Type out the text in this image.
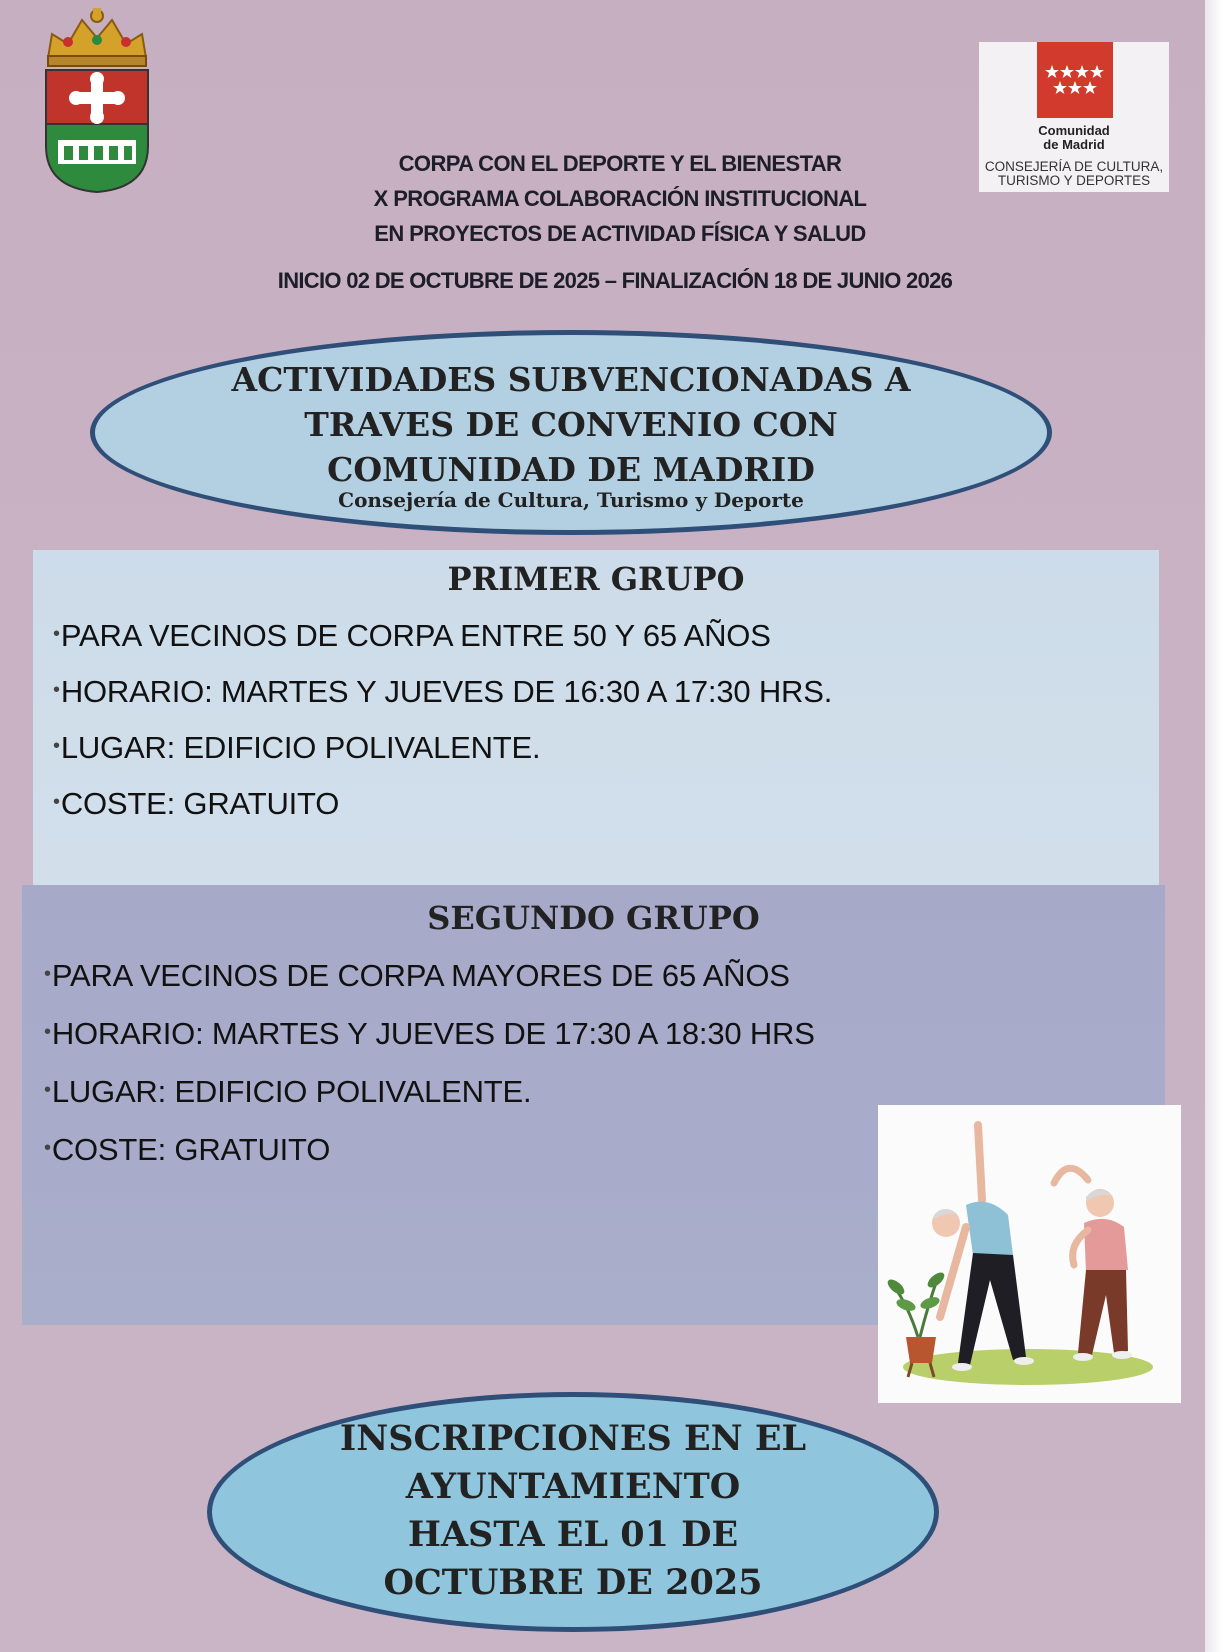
Comunidad
de Madrid
CONSEJERÍA DE CULTURA,
TURISMO Y DEPORTES
CORPA CON EL DEPORTE Y EL BIENESTAR
X PROGRAMA COLABORACIÓN INSTITUCIONAL
EN PROYECTOS DE ACTIVIDAD FÍSICA Y SALUD
INICIO 02 DE OCTUBRE DE 2025 – FINALIZACIÓN 18 DE JUNIO 2026
ACTIVIDADES SUBVENCIONADAS A
TRAVES DE CONVENIO CON
COMUNIDAD DE MADRID
Consejería de Cultura, Turismo y Deporte
PRIMER GRUPO
•PARA VECINOS DE CORPA ENTRE 50 Y 65 AÑOS
•HORARIO: MARTES Y JUEVES DE 16:30 A 17:30 HRS.
•LUGAR: EDIFICIO POLIVALENTE.
•COSTE: GRATUITO
SEGUNDO GRUPO
•PARA VECINOS DE CORPA MAYORES DE 65 AÑOS
•HORARIO: MARTES Y JUEVES DE 17:30 A 18:30 HRS
•LUGAR: EDIFICIO POLIVALENTE.
•COSTE: GRATUITO
INSCRIPCIONES EN EL
AYUNTAMIENTO
HASTA EL 01 DE
OCTUBRE DE 2025
